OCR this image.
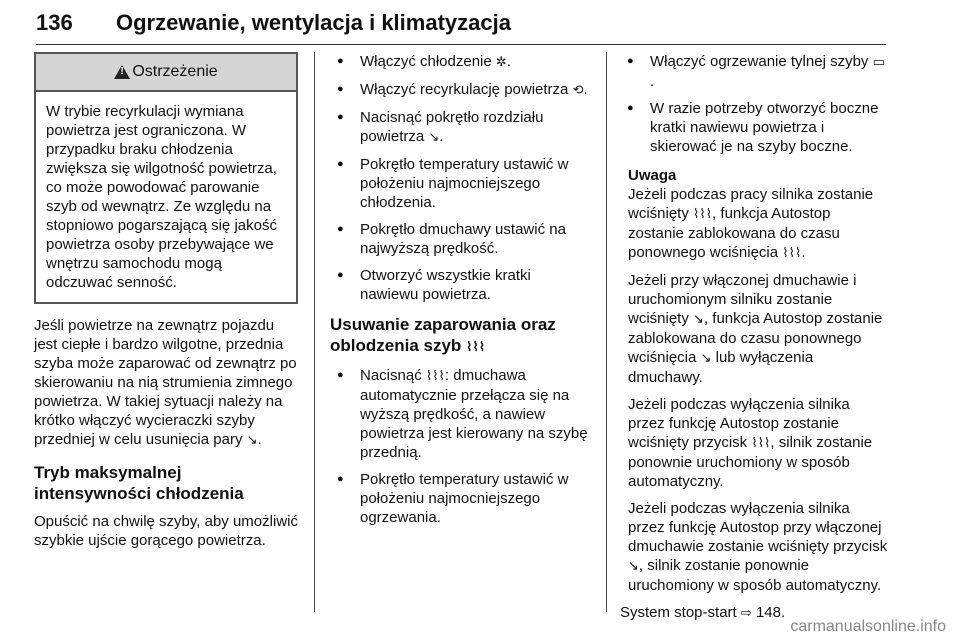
136 Ogrzewanie, wentylacja i klimatyzacja
!
Ostrzeżenie

W trybie recyrkulacji wymiana powietrza jest ograniczona. W przypadku braku chłodzenia zwiększa się wilgotność powietrza, co może powodować parowanie szyb od wewnątrz. Ze względu na stopniowo pogarszającą się jakość powietrza osoby przebywające we wnętrzu samochodu mogą odczuwać senność.

Jeśli powietrze na zewnątrz pojazdu jest ciepłe i bardzo wilgotne, przednia szyba może zaparować od zewnątrz po skierowaniu na nią strumienia zimnego powietrza. W takiej sytuacji należy na krótko włączyć wycieraczki szyby przedniej w celu usunięcia pary ↘.

Tryb maksymalnej intensywności chłodzenia

Opuścić na chwilę szyby, aby umożliwić szybkie ujście gorącego powietrza.

● Włączyć chłodzenie ✲.
● Włączyć recyrkulację powietrza ⟲.
● Nacisnąć pokrętło rozdziału powietrza ↘.
● Pokrętło temperatury ustawić w położeniu najmocniejszego chłodzenia.
● Pokrętło dmuchawy ustawić na najwyższą prędkość.
● Otworzyć wszystkie kratki nawiewu powietrza.
Usuwanie zaparowania oraz oblodzenia szyb ⌇⌇⌇
● Nacisnąć ⌇⌇⌇: dmuchawa automatycznie przełącza się na wyższą prędkość, a nawiew powietrza jest kierowany na szybę przednią.
● Pokrętło temperatury ustawić w położeniu najmocniejszego ogrzewania.
● Włączyć ogrzewanie tylnej szyby ▭.
● W razie potrzeby otworzyć boczne kratki nawiewu powietrza i skierować je na szyby boczne.
Uwaga

Jeżeli podczas pracy silnika zostanie wciśnięty ⌇⌇⌇, funkcja Autostop zostanie zablokowana do czasu ponownego wciśnięcia ⌇⌇⌇.

Jeżeli przy włączonej dmuchawie i uruchomionym silniku zostanie wciśnięty ↘, funkcja Autostop zostanie zablokowana do czasu ponownego wciśnięcia ↘ lub wyłączenia dmuchawy.

Jeżeli podczas wyłączenia silnika przez funkcję Autostop zostanie wciśnięty przycisk ⌇⌇⌇, silnik zostanie ponownie uruchomiony w sposób automatyczny.

Jeżeli podczas wyłączenia silnika przez funkcję Autostop przy włączonej dmuchawie zostanie wciśnięty przycisk ↘, silnik zostanie ponownie uruchomiony w sposób automatyczny.

System stop-start ⇨ 148.

carmanualsonline.info
